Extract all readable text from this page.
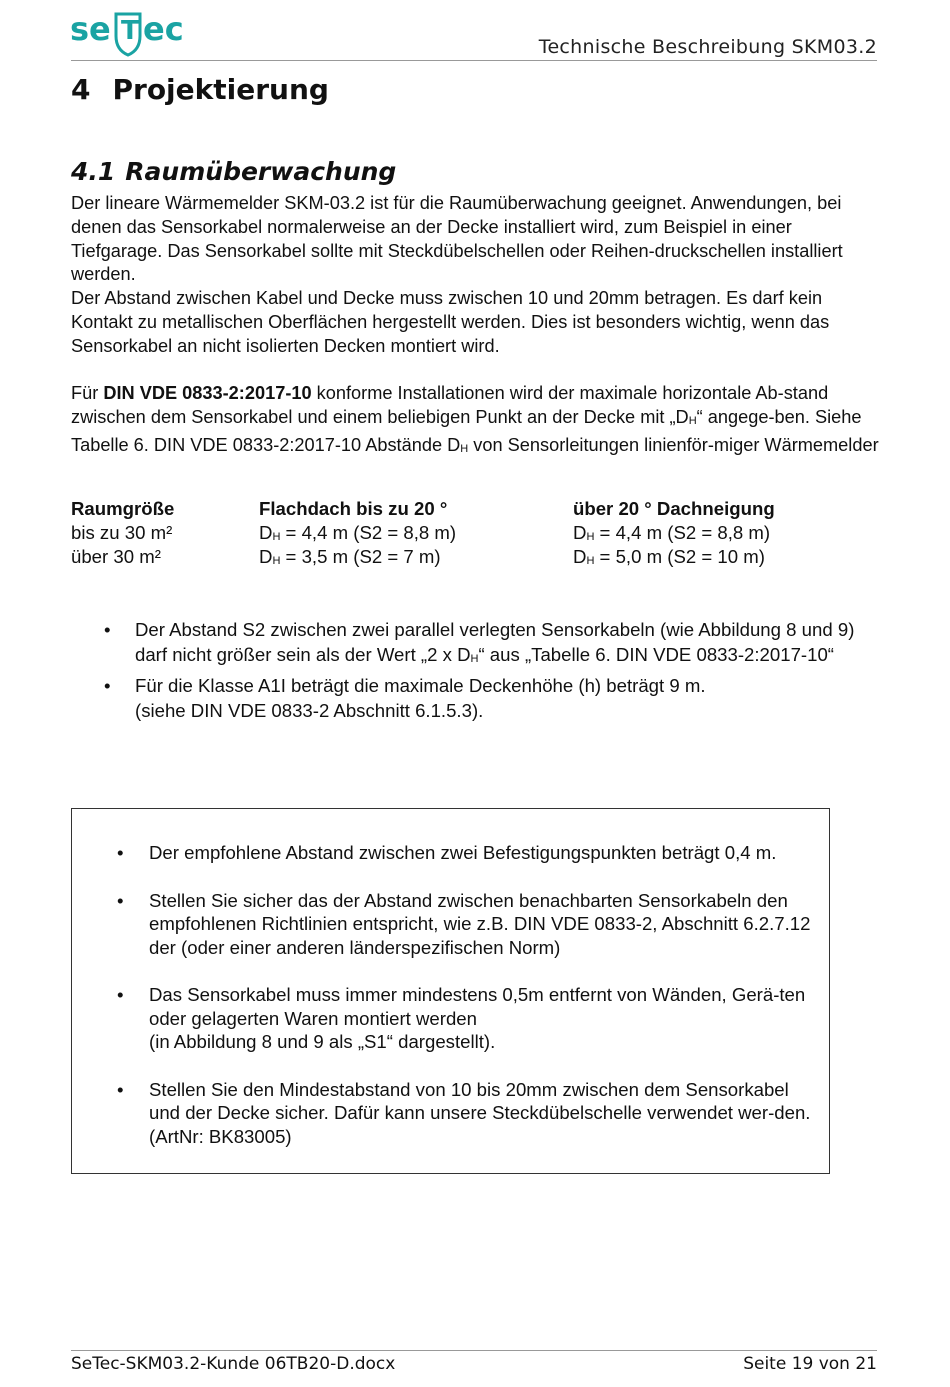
se T ec	Technische Beschreibung SKM03.2
4 Projektierung
4.1 Raumüberwachung

Der lineare Wärmemelder SKM-03.2 ist für die Raumüberwachung geeignet. Anwendungen, bei denen das Sensorkabel normalerweise an der Decke installiert wird, zum Beispiel in einer Tiefgarage. Das Sensorkabel sollte mit Steckdübelschellen oder Reihen-druckschellen installiert werden.

Der Abstand zwischen Kabel und Decke muss zwischen 10 und 20mm betragen. Es darf kein Kontakt zu metallischen Oberflächen hergestellt werden. Dies ist besonders wichtig, wenn das Sensorkabel an nicht isolierten Decken montiert wird.

Für DIN VDE 0833-2:2017-10 konforme Installationen wird der maximale horizontale Ab-stand zwischen dem Sensorkabel und einem beliebigen Punkt an der Decke mit $„D_H“$ angege-ben. Siehe Tabelle 6. DIN VDE 0833-2:2017-10 Abstände $D_H$ von Sensorleitungen linienför-miger Wärmemelder

Raumgröße	Flachdach bis zu 20 °	über 20 ° Dachneigung
bis zu 30 m²	$D_H = 4,4$ m (S2 = 8,8 m)	$D_H = 4,4$ m (S2 = 8,8 m)
über 30 m²	$D_H = 3,5$ m (S2 = 7 m)	$D_H = 5,0$ m (S2 = 10 m)
• Der Abstand S2 zwischen zwei parallel verlegten Sensorkabeln (wie Abbildung 8 und 9) darf nicht größer sein als der Wert „2 x $D_H“$ aus „Tabelle 6. DIN VDE 0833-2:2017-10“
• Für die Klasse A1I beträgt die maximale Deckenhöhe (h) beträgt 9 m.
(siehe DIN VDE 0833-2 Abschnitt 6.1.5.3).
• Der empfohlene Abstand zwischen zwei Befestigungspunkten beträgt 0,4 m.
• Stellen Sie sicher das der Abstand zwischen benachbarten Sensorkabeln den empfohlenen Richtlinien entspricht, wie z.B. DIN VDE 0833-2, Abschnitt 6.2.7.12 der (oder einer anderen länderspezifischen Norm)
• Das Sensorkabel muss immer mindestens 0,5m entfernt von Wänden, Gerä-ten oder gelagerten Waren montiert werden
(in Abbildung 8 und 9 als „S1“ dargestellt).
• Stellen Sie den Mindestabstand von 10 bis 20mm zwischen dem Sensorkabel und der Decke sicher. Dafür kann unsere Steckdübelschelle verwendet wer-den. (ArtNr: BK83005)
SeTec-SKM03.2-Kunde 06TB20-D.docx	Seite 19 von 21
